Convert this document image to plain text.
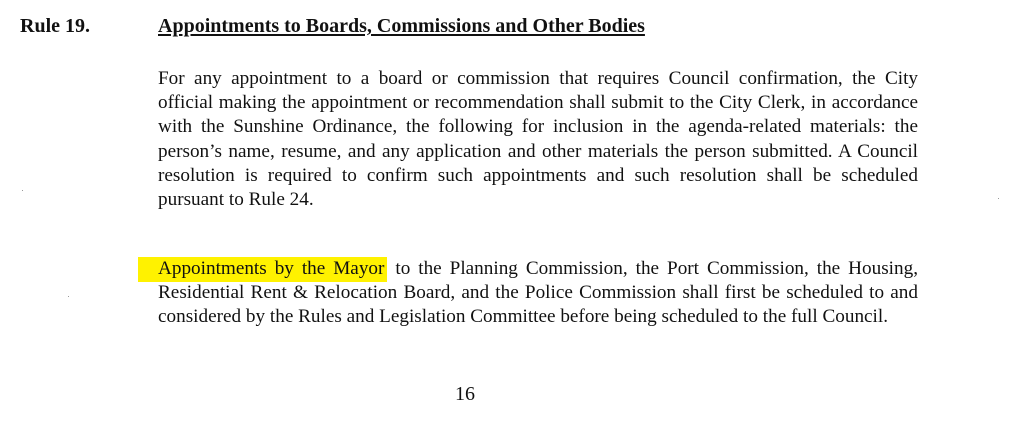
Rule 19.	Appointments to Boards, Commissions and Other Bodies

For any appointment to a board or commission that requires Council confirmation, the City official making the appointment or recommendation shall submit to the City Clerk, in accordance with the Sunshine Ordinance, the following for inclusion in the agenda-related materials: the person’s name, resume, and any application and other materials the person submitted. A Council resolution is required to confirm such appointments and such resolution shall be scheduled pursuant to Rule 24.

Appointments by the Mayor to the Planning Commission, the Port Commission, the Housing, Residential Rent & Relocation Board, and the Police Commission shall first be scheduled to and considered by the Rules and Legislation Committee before being scheduled to the full Council.

16
